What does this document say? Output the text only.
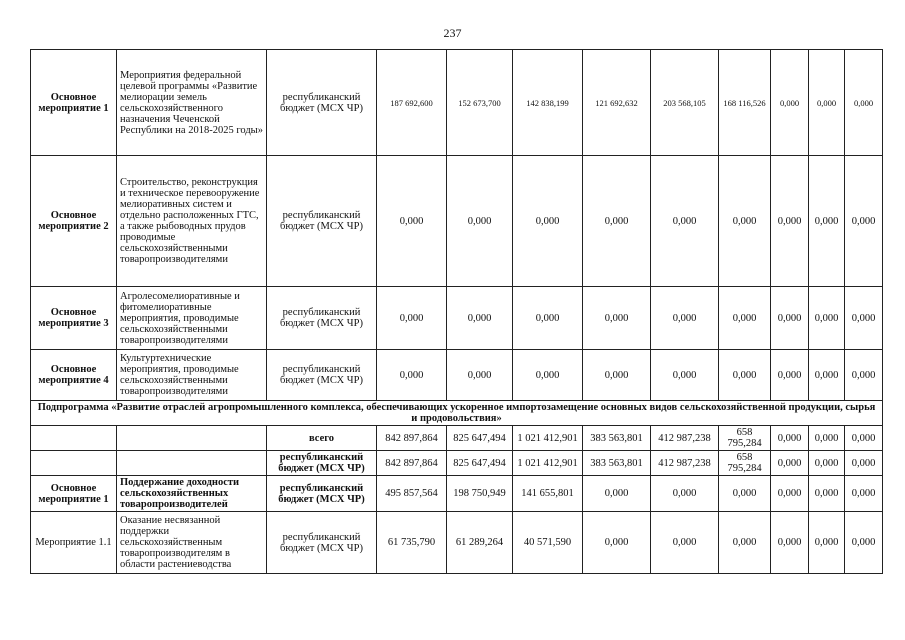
237
Основное мероприятие 1	Мероприятия федеральной целевой программы «Развитие мелиорации земель сельскохозяйственного назначения Чеченской Республики на 2018-2025 годы»	республиканский бюджет (МСХ ЧР)	187 692,600	152 673,700	142 838,199	121 692,632	203 568,105	168 116,526	0,000	0,000	0,000
Основное мероприятие 2	Строительство, реконструкция и техническое перевооружение мелиоративных систем и отдельно расположенных ГТС, а также рыбоводных прудов проводимые сельскохозяйственными товаропроизводителями	республиканский бюджет (МСХ ЧР)	0,000	0,000	0,000	0,000	0,000	0,000	0,000	0,000	0,000
Основное мероприятие 3	Агролесомелиоративные и фитомелиоративные мероприятия, проводимые сельскохозяйственными товаропроизводителями	республиканский бюджет (МСХ ЧР)	0,000	0,000	0,000	0,000	0,000	0,000	0,000	0,000	0,000
Основное мероприятие 4	Культуртехнические мероприятия, проводимые сельскохозяйственными товаропроизводителями	республиканский бюджет (МСХ ЧР)	0,000	0,000	0,000	0,000	0,000	0,000	0,000	0,000	0,000
Подпрограмма «Развитие отраслей агропромышленного комплекса, обеспечивающих ускоренное импортозамещение основных видов сельскохозяйственной продукции, сырья и продовольствия»											
		всего	842 897,864	825 647,494	1 021 412,901	383 563,801	412 987,238	658 795,284	0,000	0,000	0,000
		республиканский бюджет (МСХ ЧР)	842 897,864	825 647,494	1 021 412,901	383 563,801	412 987,238	658 795,284	0,000	0,000	0,000
Основное мероприятие 1	Поддержание доходности сельскохозяйственных товаропроизводителей	республиканский бюджет (МСХ ЧР)	495 857,564	198 750,949	141 655,801	0,000	0,000	0,000	0,000	0,000	0,000
Мероприятие 1.1	Оказание несвязанной поддержки сельскохозяйственным товаропроизводителям в области растениеводства	республиканский бюджет (МСХ ЧР)	61 735,790	61 289,264	40 571,590	0,000	0,000	0,000	0,000	0,000	0,000
